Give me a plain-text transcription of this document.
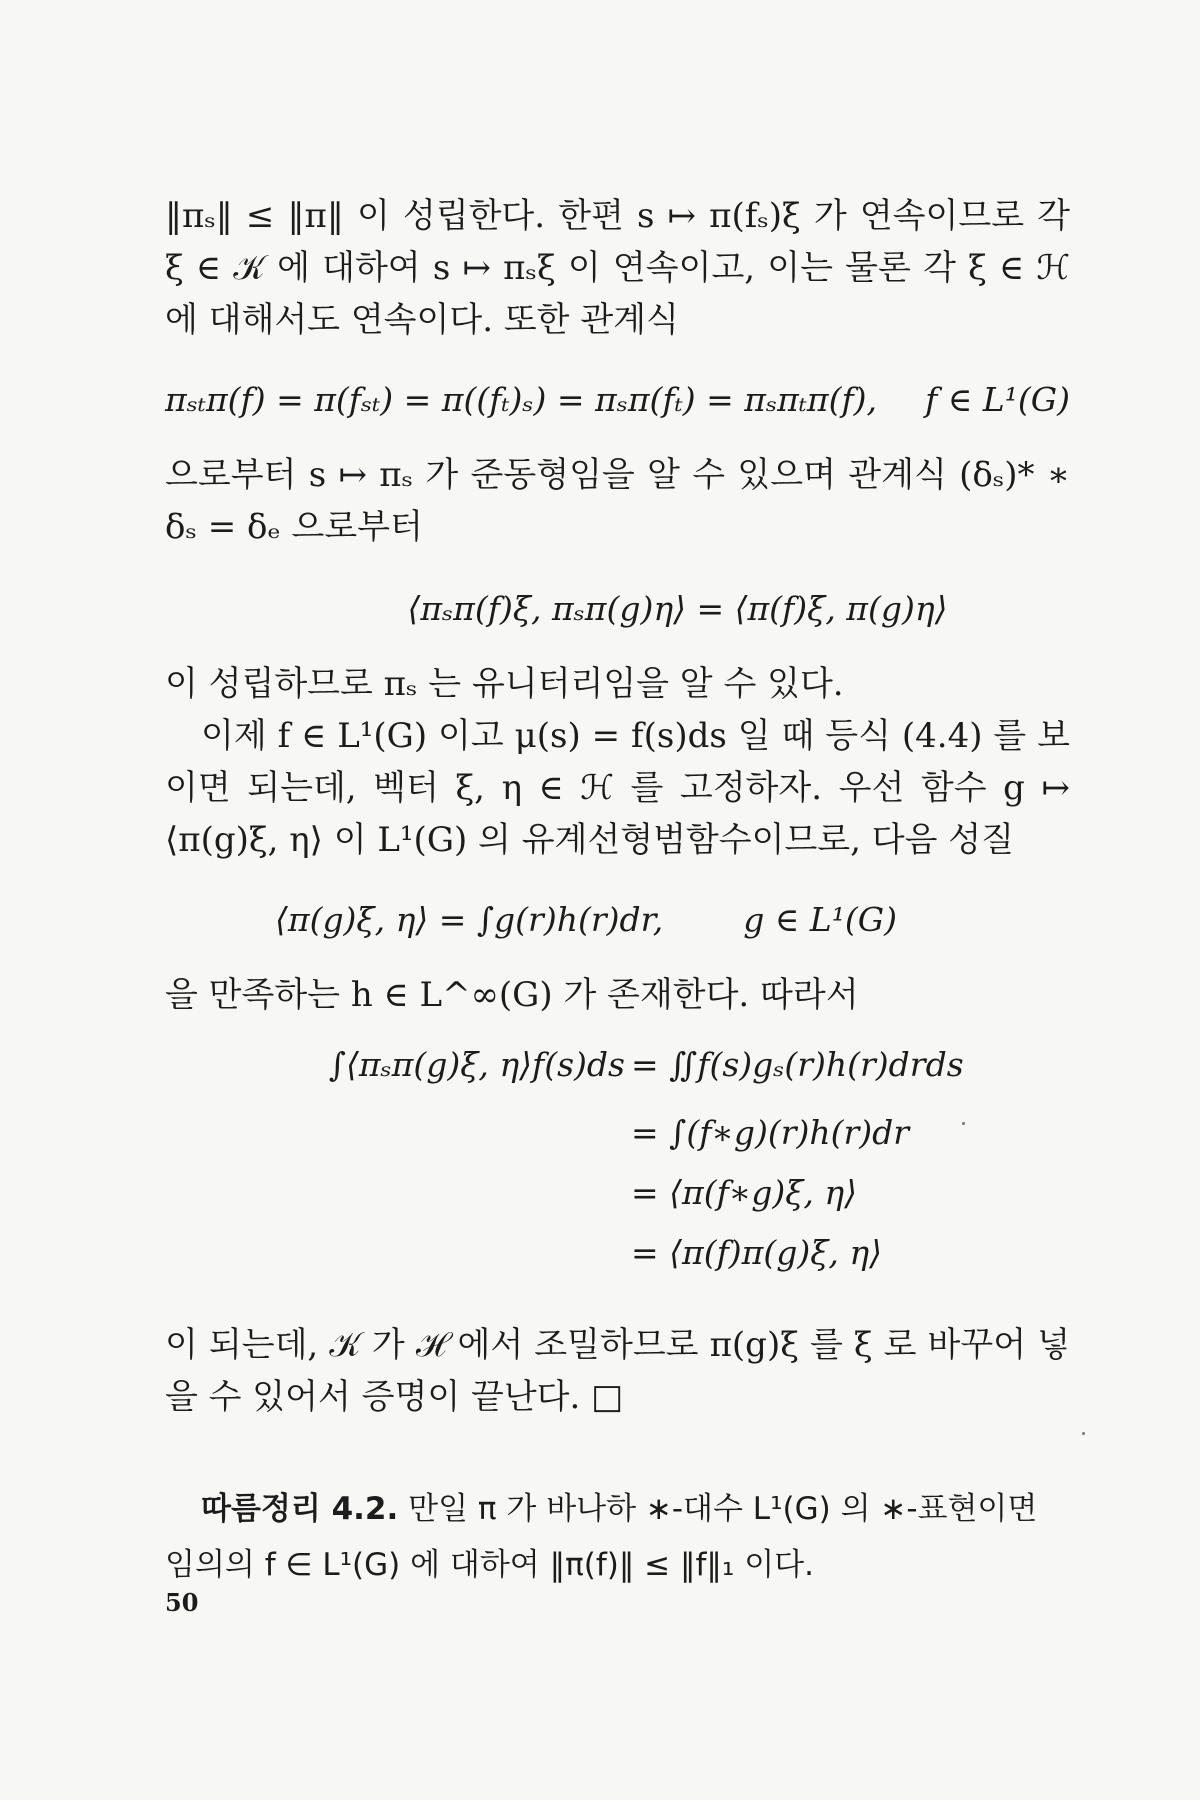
‖πₛ‖ ≤ ‖π‖ 이 성립한다. 한편 s ↦ π(fₛ)ξ 가 연속이므로 각 ξ ∈ 𝒦 에 대하여 s ↦ πₛξ 이 연속이고, 이는 물론 각 ξ ∈ ℋ 에 대해서도 연속이다. 또한 관계식

πₛₜπ(f) = π(fₛₜ) = π((fₜ)ₛ) = πₛπ(fₜ) = πₛπₜπ(f), f ∈ L¹(G)

으로부터 s ↦ πₛ 가 준동형임을 알 수 있으며 관계식 (δₛ)* ∗ δₛ = δₑ 으로부터

⟨πₛπ(f)ξ, πₛπ(g)η⟩ = ⟨π(f)ξ, π(g)η⟩

이 성립하므로 πₛ 는 유니터리임을 알 수 있다.

이제 f ∈ L¹(G) 이고 μ(s) = f(s)ds 일 때 등식 (4.4) 를 보이면 되는데, 벡터 ξ, η ∈ ℋ 를 고정하자. 우선 함수 g ↦ ⟨π(g)ξ, η⟩ 이 L¹(G) 의 유계선형범함수이므로, 다음 성질

⟨π(g)ξ, η⟩ = ∫g(r)h(r)dr, g ∈ L¹(G)

을 만족하는 h ∈ L^∞(G) 가 존재한다. 따라서

∫⟨πₛπ(g)ξ, η⟩f(s)ds = ∬f(s)gₛ(r)h(r)drds
= ∫(f∗g)(r)h(r)dr
= ⟨π(f∗g)ξ, η⟩
= ⟨π(f)π(g)ξ, η⟩

이 되는데, 𝒦 가 ℋ 에서 조밀하므로 π(g)ξ 를 ξ 로 바꾸어 넣을 수 있어서 증명이 끝난다. □

따름정리 4.2. 만일 π 가 바나하 ∗-대수 L¹(G) 의 ∗-표현이면 임의의 f ∈ L¹(G) 에 대하여 ‖π(f)‖ ≤ ‖f‖₁ 이다.

50
